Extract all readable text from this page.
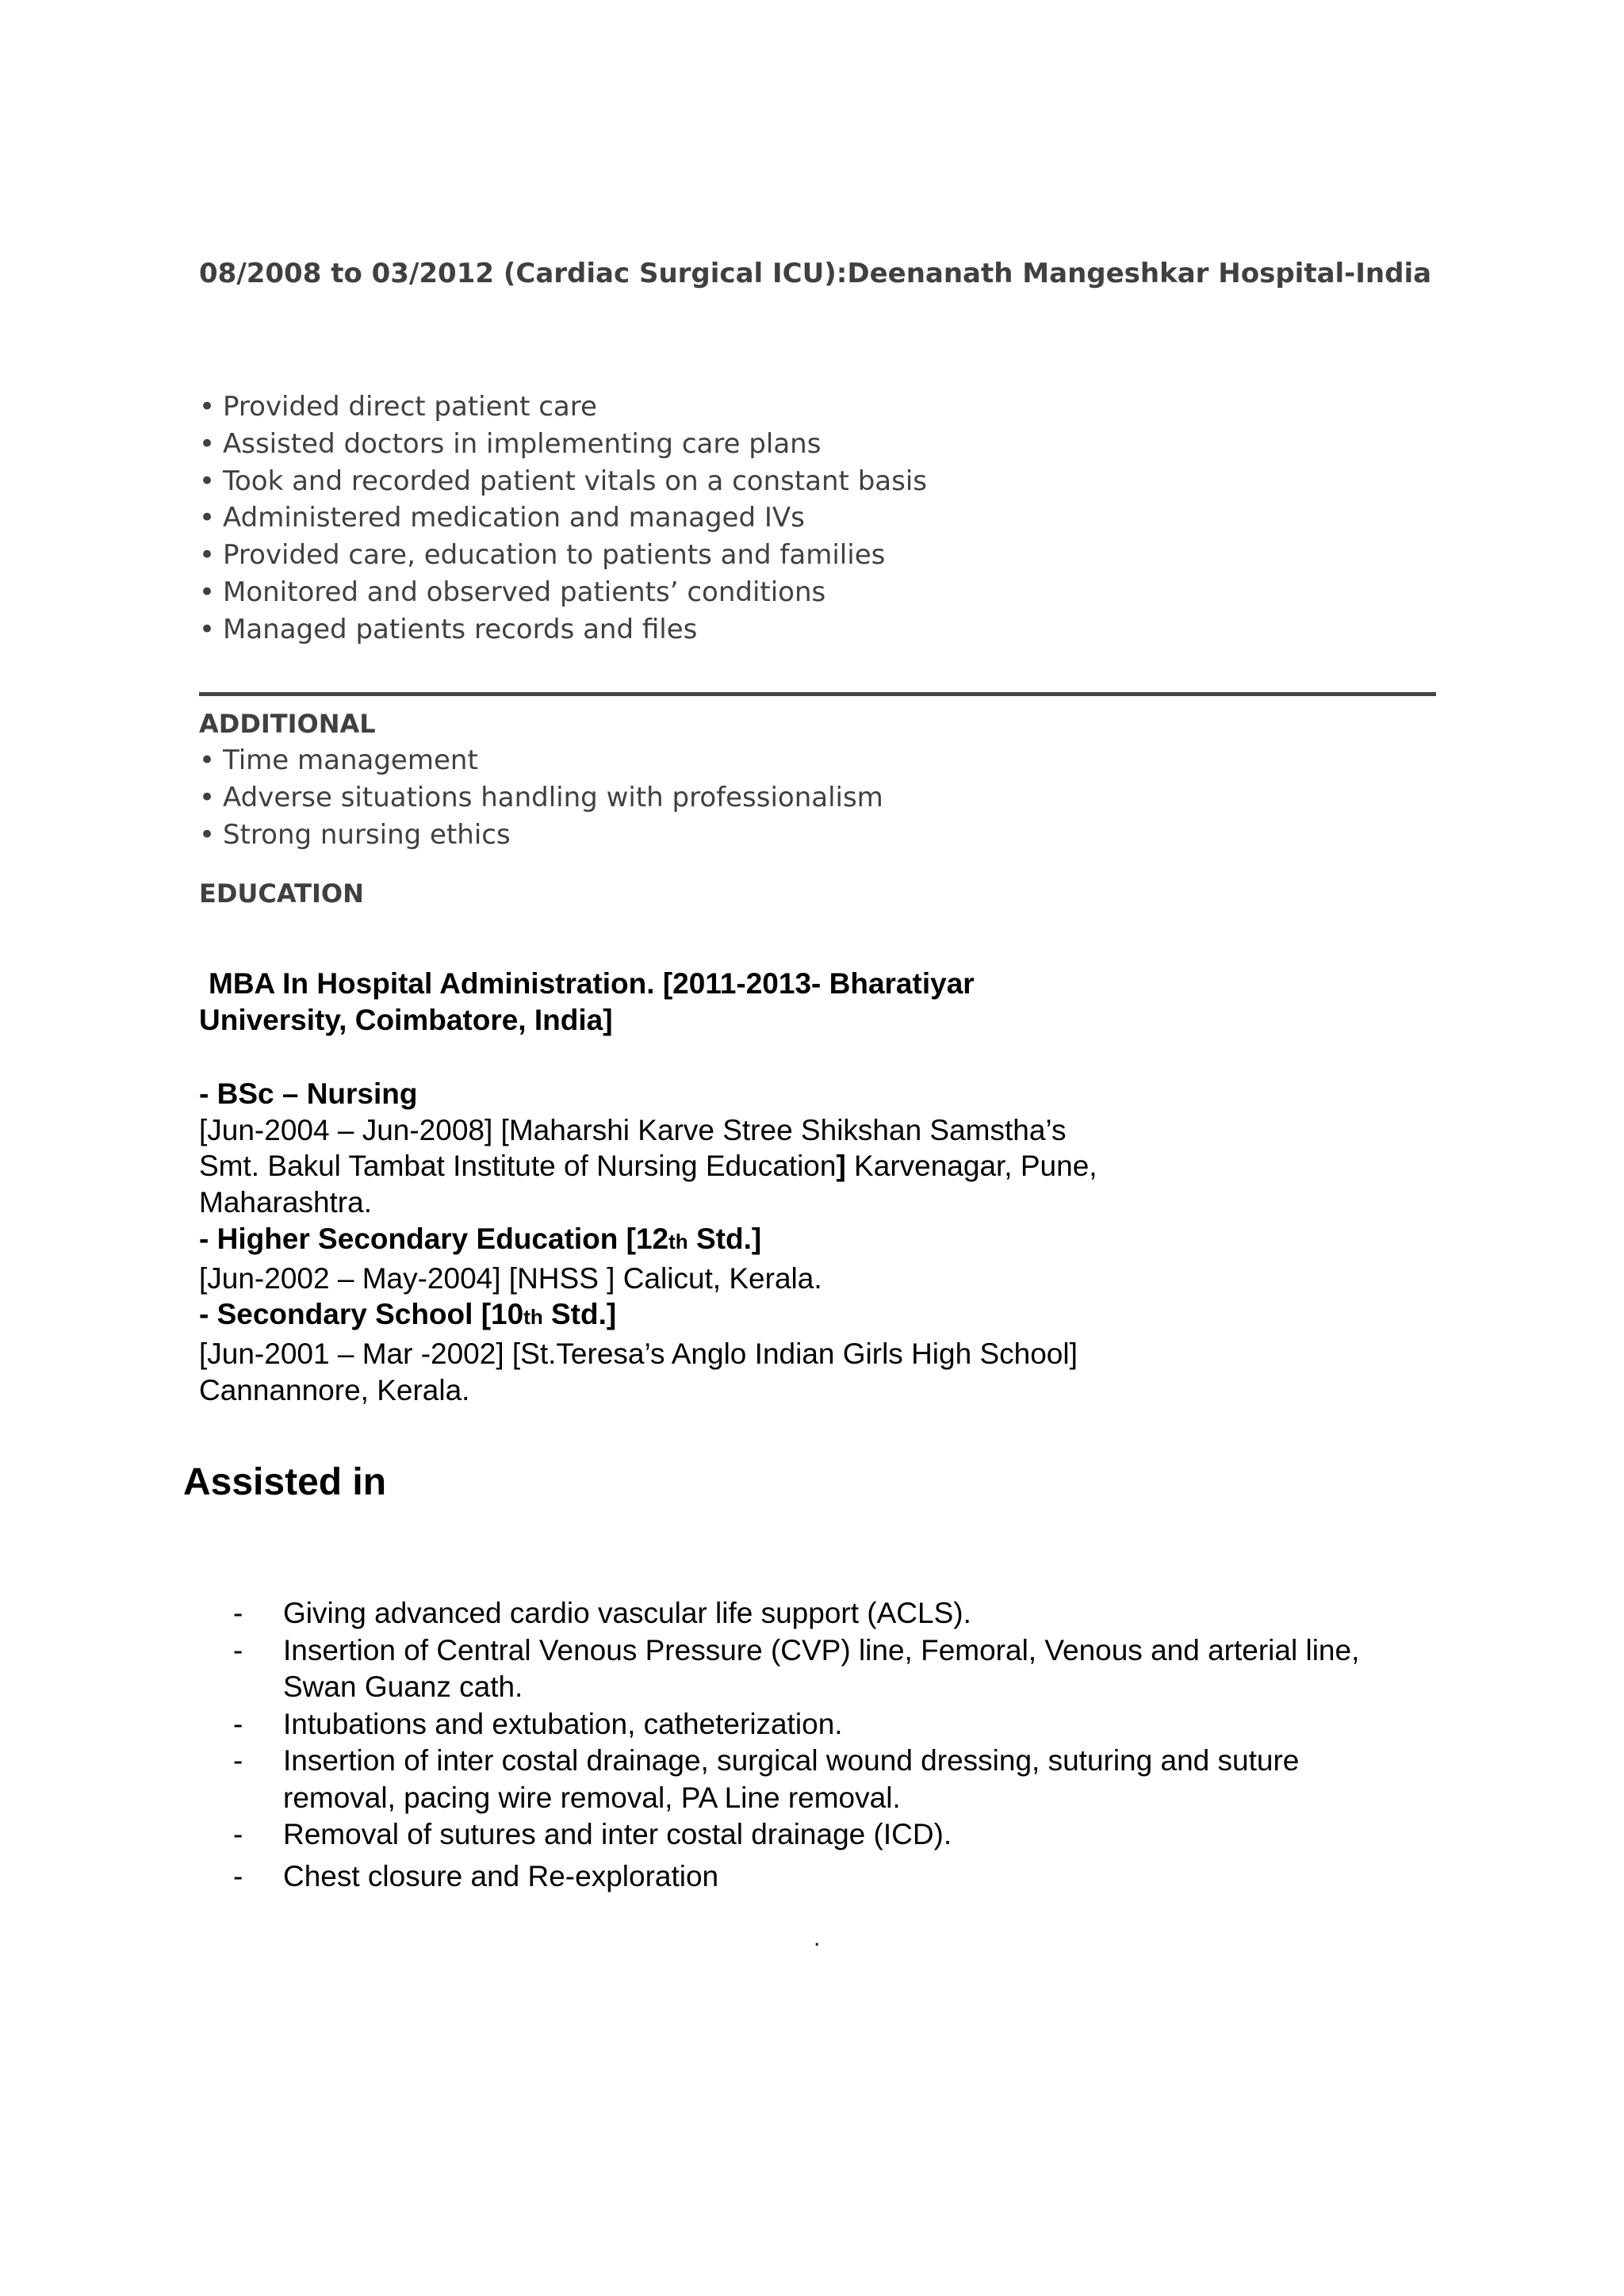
08/2008 to 03/2012 (Cardiac Surgical ICU):Deenanath Mangeshkar Hospital-India

• Provided direct patient care
• Assisted doctors in implementing care plans
• Took and recorded patient vitals on a constant basis
• Administered medication and managed IVs
• Provided care, education to patients and families
• Monitored and observed patients’ conditions
• Managed patients records and files

ADDITIONAL

• Time management
• Adverse situations handling with professionalism
• Strong nursing ethics

EDUCATION

MBA In Hospital Administration. [2011-2013- Bharatiyar
University, Coimbatore, India]
- BSc – Nursing
[Jun-2004 – Jun-2008] [Maharshi Karve Stree Shikshan Samstha’s
Smt. Bakul Tambat Institute of Nursing Education] Karvenagar, Pune,
Maharashtra.
- Higher Secondary Education [12th Std.]
[Jun-2002 – May-2004] [NHSS ] Calicut, Kerala.
- Secondary School [10th Std.]
[Jun-2001 – Mar -2002] [St.Teresa’s Anglo Indian Girls High School]
Cannannore, Kerala.

Assisted in

- Giving advanced cardio vascular life support (ACLS).
- Insertion of Central Venous Pressure (CVP) line, Femoral, Venous and arterial line,
Swan Guanz cath.
- Intubations and extubation, catheterization.
- Insertion of inter costal drainage, surgical wound dressing, suturing and suture
removal, pacing wire removal, PA Line removal.
- Removal of sutures and inter costal drainage (ICD).
- Chest closure and Re-exploration
.
